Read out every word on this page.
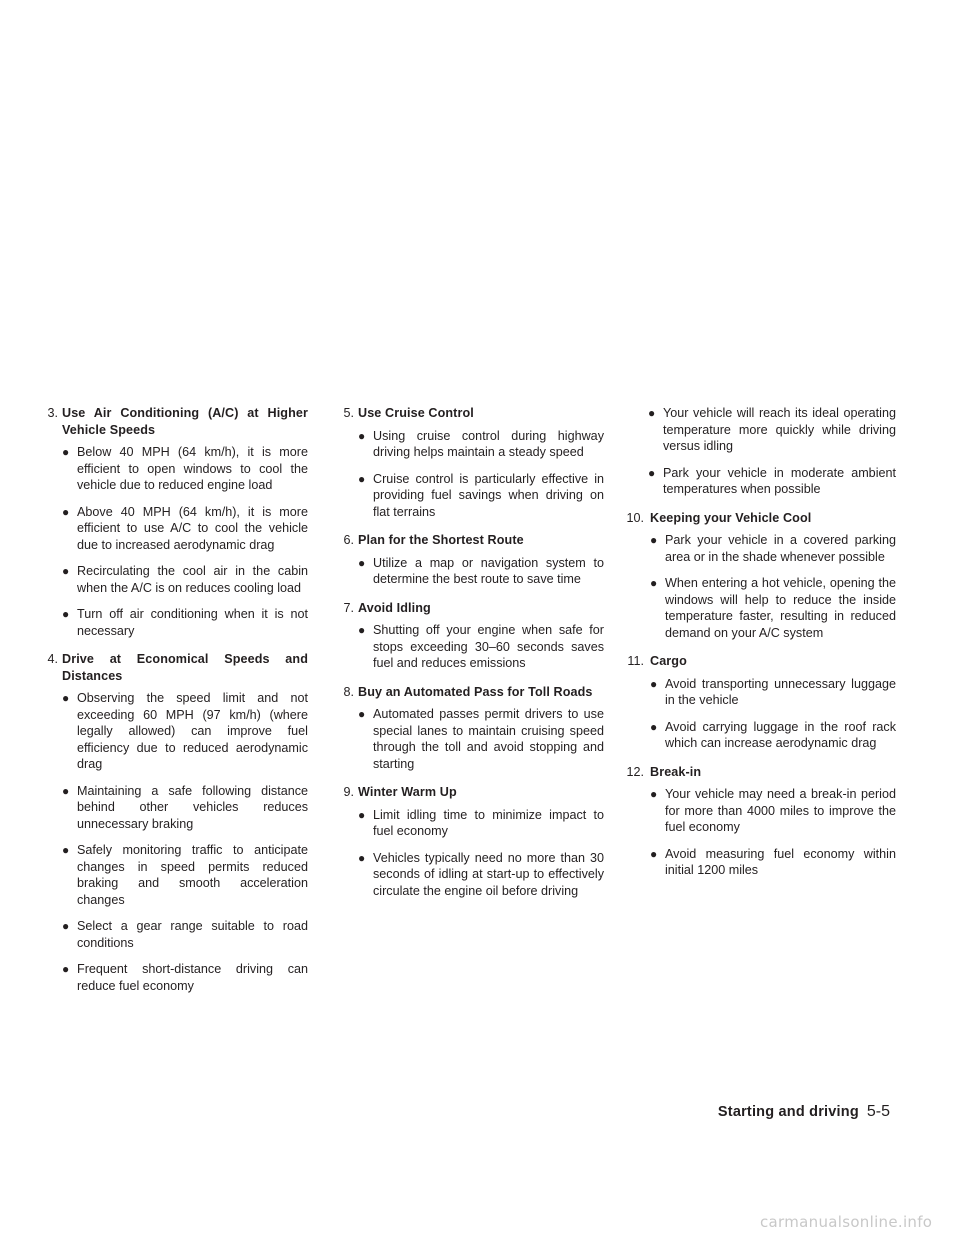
3 . Use Air Conditioning (A/C) at Higher Vehicle Speeds
● Below 40 MPH (64 km/h), it is more efficient to open windows to cool the vehicle due to reduced engine load
● Above 40 MPH (64 km/h), it is more efficient to use A/C to cool the vehicle due to increased aerodynamic drag
● Recirculating the cool air in the cabin when the A/C is on reduces cooling load
● Turn off air conditioning when it is not necessary
4 . Drive at Economical Speeds and Distances
● Observing the speed limit and not exceeding 60 MPH (97 km/h) (where legally allowed) can improve fuel efficiency due to reduced aerodynamic drag
● Maintaining a safe following distance behind other vehicles reduces unnecessary braking
● Safely monitoring traffic to anticipate changes in speed permits reduced braking and smooth acceleration changes
● Select a gear range suitable to road conditions
● Frequent short-distance driving can reduce fuel economy
5 . Use Cruise Control
● Using cruise control during highway driving helps maintain a steady speed
● Cruise control is particularly effective in providing fuel savings when driving on flat terrains
6 . Plan for the Shortest Route
● Utilize a map or navigation system to determine the best route to save time
7 . Avoid Idling
● Shutting off your engine when safe for stops exceeding 30–60 seconds saves fuel and reduces emissions
8 . Buy an Automated Pass for Toll Roads
● Automated passes permit drivers to use special lanes to maintain cruising speed through the toll and avoid stopping and starting
9 . Winter Warm Up
● Limit idling time to minimize impact to fuel economy
● Vehicles typically need no more than 30 seconds of idling at start-up to effectively circulate the engine oil before driving
● Your vehicle will reach its ideal operating temperature more quickly while driving versus idling
● Park your vehicle in moderate ambient temperatures when possible
10 . Keeping your Vehicle Cool
● Park your vehicle in a covered parking area or in the shade whenever possible
● When entering a hot vehicle, opening the windows will help to reduce the inside temperature faster, resulting in reduced demand on your A/C system
11 . Cargo
● Avoid transporting unnecessary luggage in the vehicle
● Avoid carrying luggage in the roof rack which can increase aerodynamic drag
12 . Break-in
● Your vehicle may need a break-in period for more than 4000 miles to improve the fuel economy
● Avoid measuring fuel economy within initial 1200 miles
Starting and driving 5-5
carmanualsonline.info
